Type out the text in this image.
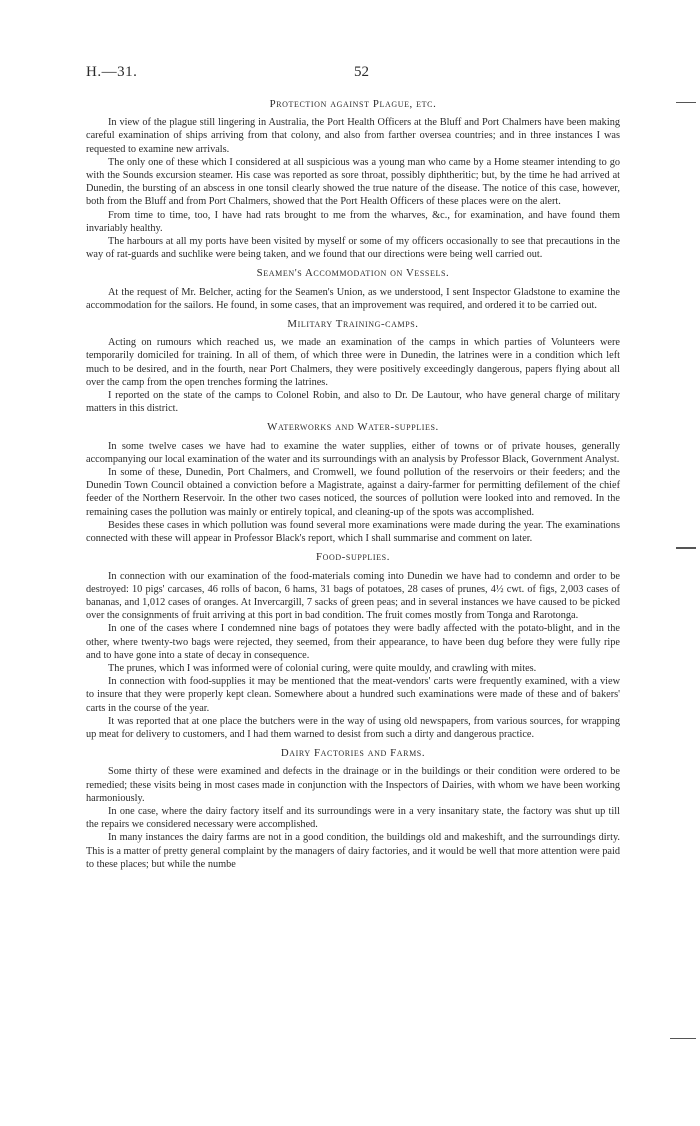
H.—31.	52
Protection against Plague, etc.

In view of the plague still lingering in Australia, the Port Health Officers at the Bluff and Port Chalmers have been making careful examination of ships arriving from that colony, and also from farther oversea countries; and in three instances I was requested to examine new arrivals.

The only one of these which I considered at all suspicious was a young man who came by a Home steamer intending to go with the Sounds excursion steamer. His case was reported as sore throat, possibly diphtheritic; but, by the time he had arrived at Dunedin, the bursting of an abscess in one tonsil clearly showed the true nature of the disease. The notice of this case, however, both from the Bluff and from Port Chalmers, showed that the Port Health Officers of these places were on the alert.

From time to time, too, I have had rats brought to me from the wharves, &c., for examination, and have found them invariably healthy.

The harbours at all my ports have been visited by myself or some of my officers occasionally to see that precautions in the way of rat-guards and suchlike were being taken, and we found that our directions were being well carried out.

Seamen's Accommodation on Vessels.

At the request of Mr. Belcher, acting for the Seamen's Union, as we understood, I sent Inspector Gladstone to examine the accommodation for the sailors. He found, in some cases, that an improvement was required, and ordered it to be carried out.

Military Training-camps.

Acting on rumours which reached us, we made an examination of the camps in which parties of Volunteers were temporarily domiciled for training. In all of them, of which three were in Dunedin, the latrines were in a condition which left much to be desired, and in the fourth, near Port Chalmers, they were positively exceedingly dangerous, papers flying about all over the camp from the open trenches forming the latrines.

I reported on the state of the camps to Colonel Robin, and also to Dr. De Lautour, who have general charge of military matters in this district.

Waterworks and Water-supplies.

In some twelve cases we have had to examine the water supplies, either of towns or of private houses, generally accompanying our local examination of the water and its surroundings with an analysis by Professor Black, Government Analyst.

In some of these, Dunedin, Port Chalmers, and Cromwell, we found pollution of the reservoirs or their feeders; and the Dunedin Town Council obtained a conviction before a Magistrate, against a dairy-farmer for permitting defilement of the chief feeder of the Northern Reservoir. In the other two cases noticed, the sources of pollution were looked into and removed. In the remaining cases the pollution was mainly or entirely topical, and cleaning-up of the spots was accomplished.

Besides these cases in which pollution was found several more examinations were made during the year. The examinations connected with these will appear in Professor Black's report, which I shall summarise and comment on later.

Food-supplies.

In connection with our examination of the food-materials coming into Dunedin we have had to condemn and order to be destroyed: 10 pigs' carcases, 46 rolls of bacon, 6 hams, 31 bags of potatoes, 28 cases of prunes, 4½ cwt. of figs, 2,003 cases of bananas, and 1,012 cases of oranges. At Invercargill, 7 sacks of green peas; and in several instances we have caused to be picked over the consignments of fruit arriving at this port in bad condition. The fruit comes mostly from Tonga and Rarotonga.

In one of the cases where I condemned nine bags of potatoes they were badly affected with the potato-blight, and in the other, where twenty-two bags were rejected, they seemed, from their appearance, to have been dug before they were fully ripe and to have gone into a state of decay in consequence.

The prunes, which I was informed were of colonial curing, were quite mouldy, and crawling with mites.

In connection with food-supplies it may be mentioned that the meat-vendors' carts were frequently examined, with a view to insure that they were properly kept clean. Somewhere about a hundred such examinations were made of these and of bakers' carts in the course of the year.

It was reported that at one place the butchers were in the way of using old newspapers, from various sources, for wrapping up meat for delivery to customers, and I had them warned to desist from such a dirty and dangerous practice.

Dairy Factories and Farms.

Some thirty of these were examined and defects in the drainage or in the buildings or their condition were ordered to be remedied; these visits being in most cases made in conjunction with the Inspectors of Dairies, with whom we have been working harmoniously.

In one case, where the dairy factory itself and its surroundings were in a very insanitary state, the factory was shut up till the repairs we considered necessary were accomplished.

In many instances the dairy farms are not in a good condition, the buildings old and makeshift, and the surroundings dirty. This is a matter of pretty general complaint by the managers of dairy factories, and it would be well that more attention were paid to these places; but while the numbe
